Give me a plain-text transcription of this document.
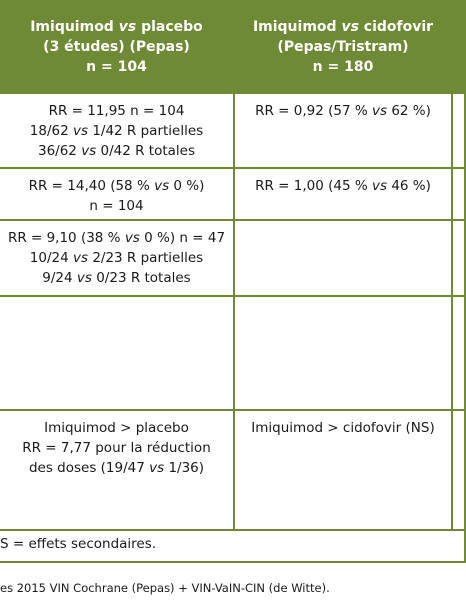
Imiquimod vs placebo
(3 études) (Pepas)
n = 104
Imiquimod vs cidofovir
(Pepas/Tristram)
n = 180
RR = 11,95 n = 104
18/62 vs 1/42 R partielles
36/62 vs 0/42 R totales
RR = 0,92 (57 % vs 62 %)
RR = 14,40 (58 % vs 0 %)
n = 104
RR = 1,00 (45 % vs 46 %)
RR = 9,10 (38 % vs 0 %) n = 47
10/24 vs 2/23 R partielles
9/24 vs 0/23 R totales
Imiquimod > placebo
RR = 7,77 pour la réduction
des doses (19/47 vs 1/36)
Imiquimod > cidofovir (NS)
S = effets secondaires.
es 2015 VIN Cochrane (Pepas) + VIN-VaIN-CIN (de Witte).
